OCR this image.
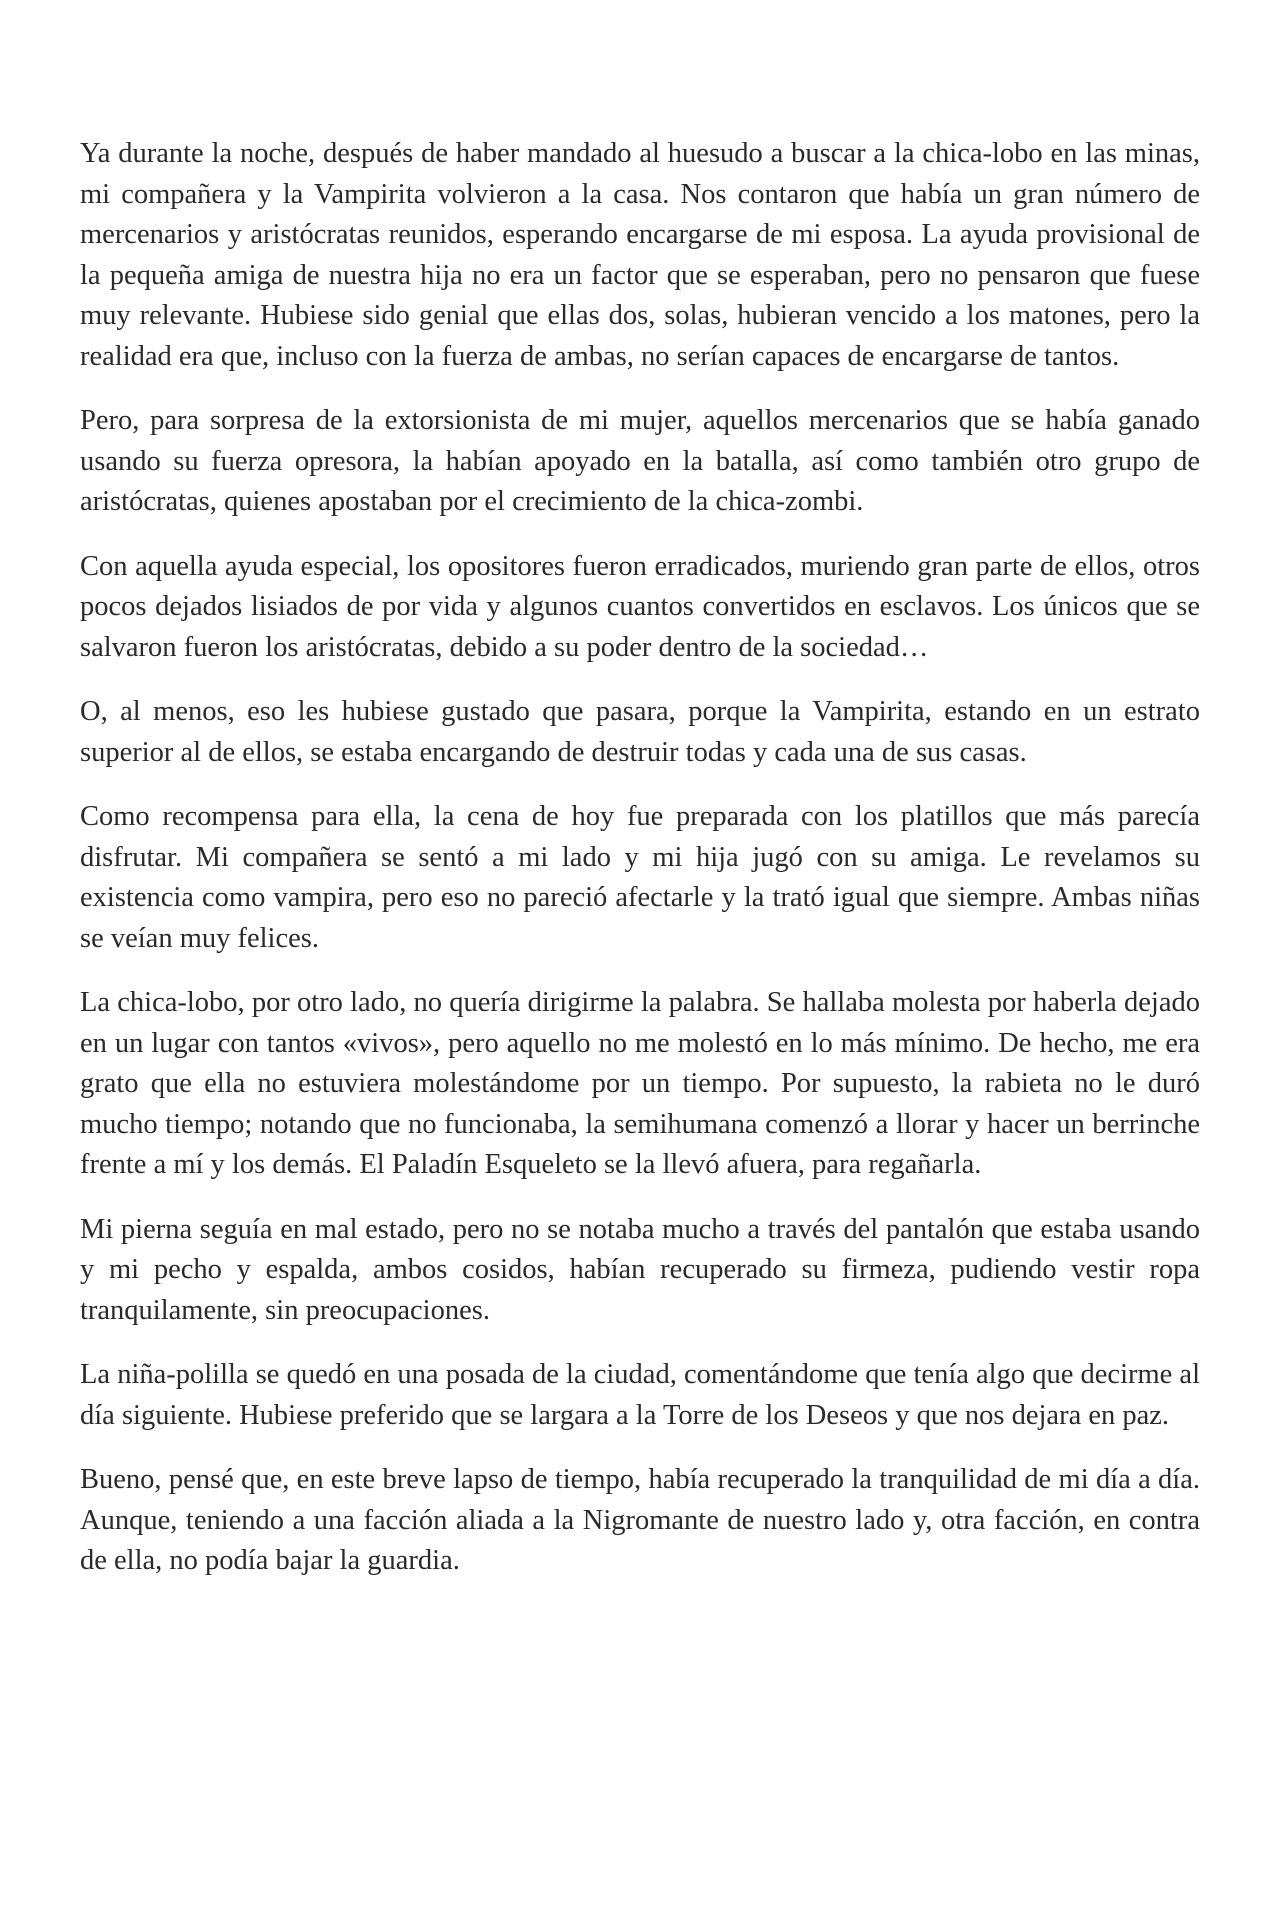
Ya durante la noche, después de haber mandado al huesudo a buscar a la chica-lobo en las minas, mi compañera y la Vampirita volvieron a la casa. Nos contaron que había un gran número de mercenarios y aristócratas reunidos, esperando encargarse de mi esposa. La ayuda provisional de la pequeña amiga de nuestra hija no era un factor que se esperaban, pero no pensaron que fuese muy relevante. Hubiese sido genial que ellas dos, solas, hubieran vencido a los matones, pero la realidad era que, incluso con la fuerza de ambas, no serían capaces de encargarse de tantos.

Pero, para sorpresa de la extorsionista de mi mujer, aquellos mercenarios que se había ganado usando su fuerza opresora, la habían apoyado en la batalla, así como también otro grupo de aristócratas, quienes apostaban por el crecimiento de la chica-zombi.

Con aquella ayuda especial, los opositores fueron erradicados, muriendo gran parte de ellos, otros pocos dejados lisiados de por vida y algunos cuantos convertidos en esclavos. Los únicos que se salvaron fueron los aristócratas, debido a su poder dentro de la sociedad…

O, al menos, eso les hubiese gustado que pasara, porque la Vampirita, estando en un estrato superior al de ellos, se estaba encargando de destruir todas y cada una de sus casas.

Como recompensa para ella, la cena de hoy fue preparada con los platillos que más parecía disfrutar. Mi compañera se sentó a mi lado y mi hija jugó con su amiga. Le revelamos su existencia como vampira, pero eso no pareció afectarle y la trató igual que siempre. Ambas niñas se veían muy felices.

La chica-lobo, por otro lado, no quería dirigirme la palabra. Se hallaba molesta por haberla dejado en un lugar con tantos «vivos», pero aquello no me molestó en lo más mínimo. De hecho, me era grato que ella no estuviera molestándome por un tiempo. Por supuesto, la rabieta no le duró mucho tiempo; notando que no funcionaba, la semihumana comenzó a llorar y hacer un berrinche frente a mí y los demás. El Paladín Esqueleto se la llevó afuera, para regañarla.

Mi pierna seguía en mal estado, pero no se notaba mucho a través del pantalón que estaba usando y mi pecho y espalda, ambos cosidos, habían recuperado su firmeza, pudiendo vestir ropa tranquilamente, sin preocupaciones.

La niña-polilla se quedó en una posada de la ciudad, comentándome que tenía algo que decirme al día siguiente. Hubiese preferido que se largara a la Torre de los Deseos y que nos dejara en paz.

Bueno, pensé que, en este breve lapso de tiempo, había recuperado la tranquilidad de mi día a día. Aunque, teniendo a una facción aliada a la Nigromante de nuestro lado y, otra facción, en contra de ella, no podía bajar la guardia.
